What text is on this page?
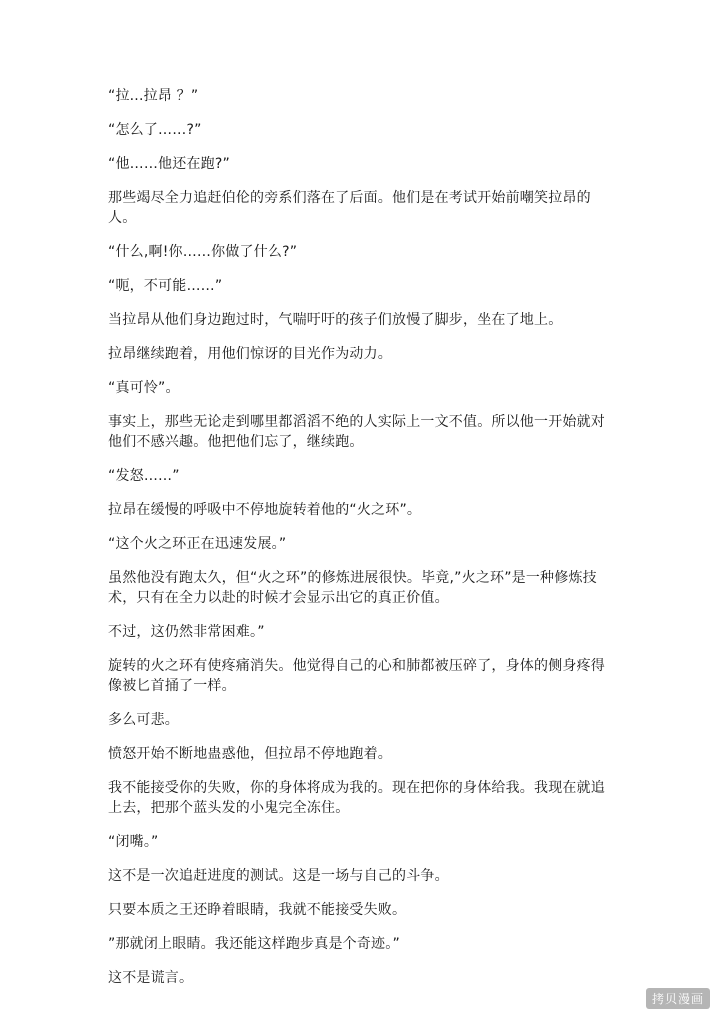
“拉...拉昂 ？”

“怎么了……?”

“他……他还在跑?”

那些竭尽全力追赶伯伦的旁系们落在了后面。他们是在考试开始前嘲笑拉昂的人。

“什么,啊!你……你做了什么?”

“呃，不可能……”

当拉昂从他们身边跑过时，气喘吁吁的孩子们放慢了脚步，坐在了地上。

拉昂继续跑着，用他们惊讶的目光作为动力。

“真可怜”。

事实上，那些无论走到哪里都滔滔不绝的人实际上一文不值。所以他一开始就对他们不感兴趣。他把他们忘了，继续跑。

“发怒……”

拉昂在缓慢的呼吸中不停地旋转着他的“火之环”。

“这个火之环正在迅速发展。”

虽然他没有跑太久，但“火之环”的修炼进展很快。毕竟,”火之环”是一种修炼技术，只有在全力以赴的时候才会显示出它的真正价值。

不过，这仍然非常困难。”

旋转的火之环有使疼痛消失。他觉得自己的心和肺都被压碎了，身体的侧身疼得像被匕首捅了一样。

多么可悲。

愤怒开始不断地蛊惑他，但拉昂不停地跑着。

我不能接受你的失败，你的身体将成为我的。现在把你的身体给我。我现在就追上去，把那个蓝头发的小鬼完全冻住。

“闭嘴。”

这不是一次追赶进度的测试。这是一场与自己的斗争。

只要本质之王还睁着眼睛，我就不能接受失败。

”那就闭上眼睛。我还能这样跑步真是个奇迹。”

这不是谎言。

拷贝漫画
